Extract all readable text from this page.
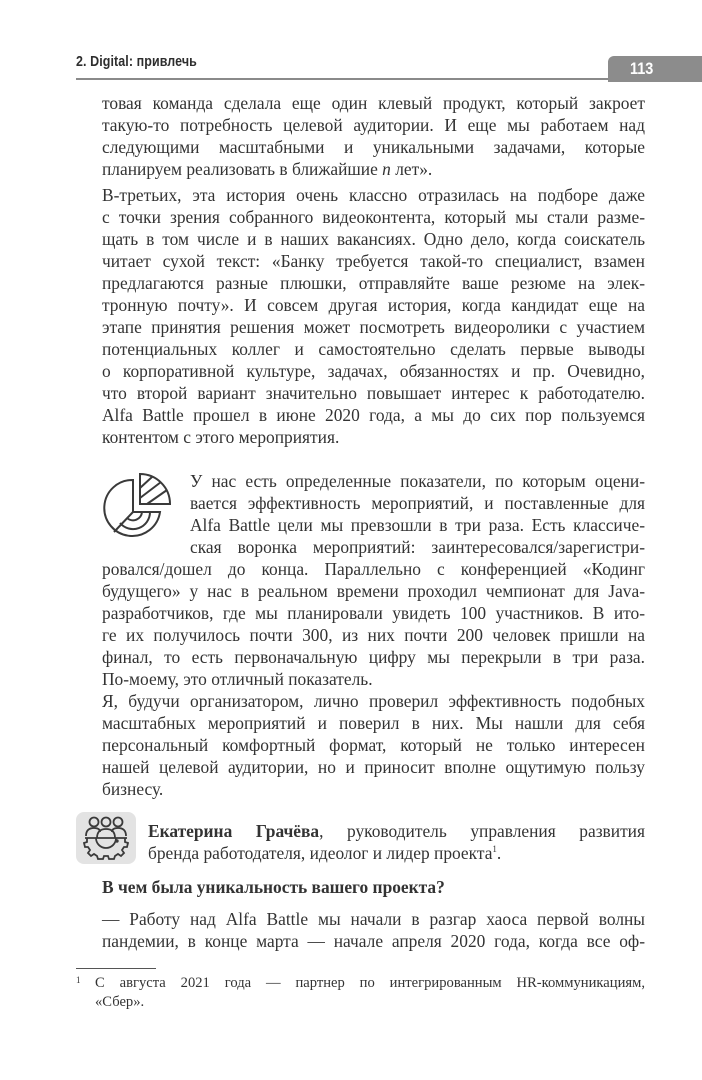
2. Digital: привлечь	113
товая команда сделала еще один клевый продукт, который закроет
такую-то потребность целевой аудитории. И еще мы работаем над
следующими масштабными и уникальными задачами, которые
планируем реализовать в ближайшие n лет».
В-третьих, эта история очень классно отразилась на подборе даже
с точки зрения собранного видеоконтента, который мы стали разме-
щать в том числе и в наших вакансиях. Одно дело, когда соискатель
читает сухой текст: «Банку требуется такой-то специалист, взамен
предлагаются разные плюшки, отправляйте ваше резюме на элек-
тронную почту». И совсем другая история, когда кандидат еще на
этапе принятия решения может посмотреть видеоролики с участием
потенциальных коллег и самостоятельно сделать первые выводы
о корпоративной культуре, задачах, обязанностях и пр. Очевидно,
что второй вариант значительно повышает интерес к работодателю.
Alfa Battle прошел в июне 2020 года, а мы до сих пор пользуемся
контентом с этого мероприятия.
У нас есть определенные показатели, по которым оцени-
вается эффективность мероприятий, и поставленные для
Alfa Battle цели мы превзошли в три раза. Есть классиче-
ская воронка мероприятий: заинтересовался/зарегистри-
ровался/дошел до конца. Параллельно с конференцией «Кодинг
будущего» у нас в реальном времени проходил чемпионат для Java-
разработчиков, где мы планировали увидеть 100 участников. В ито-
ге их получилось почти 300, из них почти 200 человек пришли на
финал, то есть первоначальную цифру мы перекрыли в три раза.
По-моему, это отличный показатель.
Я, будучи организатором, лично проверил эффективность подобных
масштабных мероприятий и поверил в них. Мы нашли для себя
персональный комфортный формат, который не только интересен
нашей целевой аудитории, но и приносит вполне ощутимую пользу
бизнесу.
Екатерина Грачёва, руководитель управления развития
бренда работодателя, идеолог и лидер проекта$^1$.
В чем была уникальность вашего проекта?
— Работу над Alfa Battle мы начали в разгар хаоса первой волны
пандемии, в конце марта — начале апреля 2020 года, когда все оф-
1 С августа 2021 года — партнер по интегрированным HR-коммуникациям,
«Сбер».
